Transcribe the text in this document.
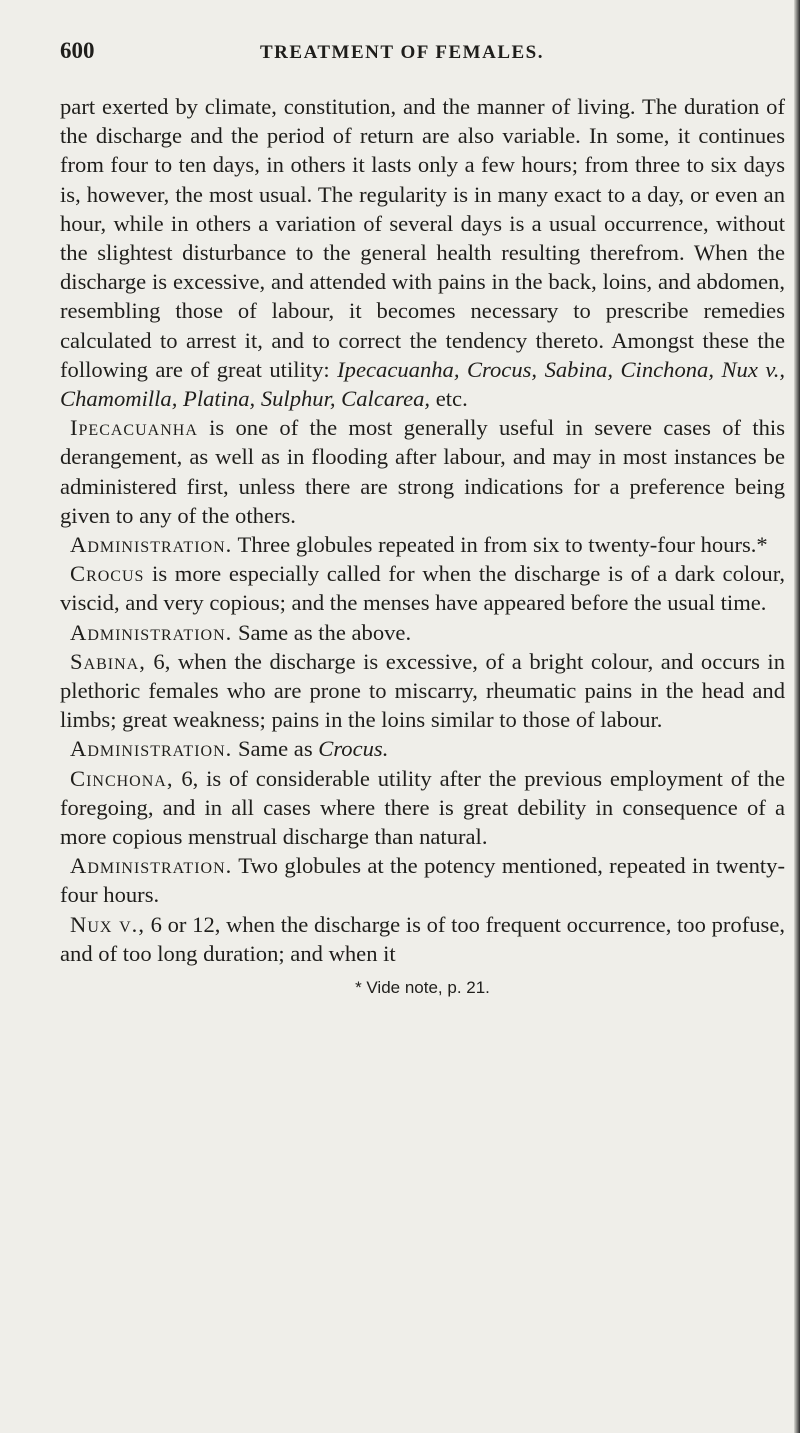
600	TREATMENT OF FEMALES.

part exerted by climate, constitution, and the manner of living. The duration of the discharge and the period of return are also variable. In some, it continues from four to ten days, in others it lasts only a few hours; from three to six days is, however, the most usual. The regularity is in many exact to a day, or even an hour, while in others a variation of several days is a usual occurrence, without the slightest disturbance to the general health resulting therefrom. When the discharge is excessive, and attended with pains in the back, loins, and abdomen, resembling those of labour, it becomes necessary to prescribe remedies calculated to arrest it, and to correct the tendency thereto. Amongst these the following are of great utility: Ipecacuanha, Crocus, Sabina, Cinchona, Nux v., Chamomilla, Platina, Sulphur, Calcarea, etc.

Ipecacuanha is one of the most generally useful in severe cases of this derangement, as well as in flooding after labour, and may in most instances be administered first, unless there are strong indications for a preference being given to any of the others.

Administration. Three globules repeated in from six to twenty-four hours.*

Crocus is more especially called for when the discharge is of a dark colour, viscid, and very copious; and the menses have appeared before the usual time.

Administration. Same as the above.

Sabina, 6, when the discharge is excessive, of a bright colour, and occurs in plethoric females who are prone to miscarry, rheumatic pains in the head and limbs; great weakness; pains in the loins similar to those of labour.

Administration. Same as Crocus.

Cinchona, 6, is of considerable utility after the previous employment of the foregoing, and in all cases where there is great debility in consequence of a more copious menstrual discharge than natural.

Administration. Two globules at the potency mentioned, repeated in twenty-four hours.

Nux v., 6 or 12, when the discharge is of too frequent occurrence, too profuse, and of too long duration; and when it

* Vide note, p. 21.
